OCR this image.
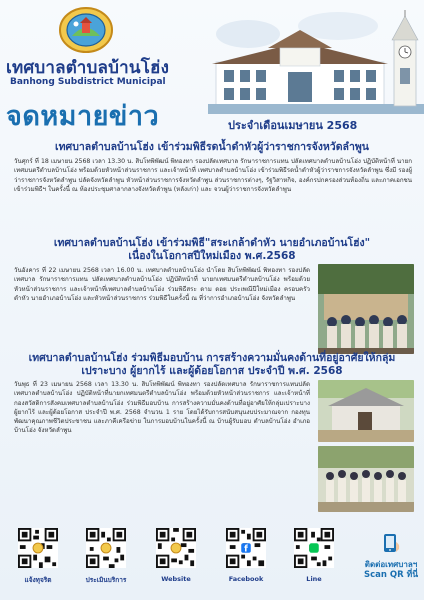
เทศบาลตำบลบ้านโฮ่ง
Banhong Subdistrict Municipal
จดหมายข่าว	ประจำเดือนเมษายน 2568
เทศบาลตำบลบ้านโฮ่ง เข้าร่วมพิธีรดน้ำดำหัวผู้ว่าราชการจังหวัดลำพูน
วันศุกร์ ที่ 18 เมษายน 2568 เวลา 13.30 น. สิบโทพิพัฒน์ พิทองทา รองปลัดเทศบาล รักษาราชการแทน ปลัดเทศบาลตำบลบ้านโฮ่ง ปฏิบัติหน้าที่ นายกเทศมนตรีตำบลบ้านโฮ่ง พร้อมด้วยหัวหน้าส่วนราชการ และเจ้าหน้าที่ เทศบาลตำบลบ้านโฮ่ง เข้าร่วมพิธีรดน้ำดำหัวผู้ว่าราชการจังหวัดลำพูน ซึ่งมี รองผู้ว่าราชการจังหวัดลำพูน ปลัดจังหวัดลำพูน หัวหน้าส่วนราชการจังหวัดลำพูน ส่วนราชการต่างๆ, รัฐวิสาหกิจ, องค์กรปกครองส่วนท้องถิ่น และภาคเอกชน เข้าร่วมพิธีฯ ในครั้งนี้ ณ ห้องประชุมศาลากลางจังหวัดลำพูน (หลังเก่า) และ จวนผู้ว่าราชการจังหวัดลำพูน
เทศบาลตำบลบ้านโฮ่ง เข้าร่วมพิธี"สระเกล้าดำหัว นายอำเภอบ้านโฮ่ง"
เนื่องในโอกาสปีใหม่เมือง พ.ศ.2568
วันอังคาร ที่ 22 เมษายน 2568 เวลา 16.00 น. เทศบาลตำบลบ้านโฮ่ง นำโดย สิบโทพิพัฒน์ พิทองทา รองปลัดเทศบาล รักษาราชการแทน ปลัดเทศบาลตำบลบ้านโฮ่ง ปฏิบัติหน้าที่ นายกเทศมนตรีตำบลบ้านโฮ่ง พร้อมด้วยหัวหน้าส่วนราชการ และเจ้าหน้าที่เทศบาลตำบลบ้านโฮ่ง ร่วมพิธีสระ ดาม ดอย ประเพณีปีใหม่เมือง ครอบครัวดำหัว นายอำเภอบ้านโฮ่ง และหัวหน้าส่วนราชการ ร่วมพิธีในครั้งนี้ ณ ที่ว่าการอำเภอบ้านโฮ่ง จังหวัดลำพูน
เทศบาลตำบลบ้านโฮ่ง ร่วมพิธีมอบบ้าน การสร้างความมั่นคงด้านที่อยู่อาศัยให้กลุ่ม
เปราะบาง ผู้ยากไร้ และผู้ด้อยโอกาส ประจำปี พ.ศ. 2568
วันพุธ ที่ 23 เมษายน 2568 เวลา 13.30 น. สิบโทพิพัฒน์ พิทองทา รองปลัดเทศบาล รักษาราชการแทนปลัดเทศบาลตำบลบ้านโฮ่ง ปฏิบัติหน้าที่นายกเทศมนตรีตำบลบ้านโฮ่ง พร้อมด้วยหัวหน้าส่วนราชการ และเจ้าหน้าที่ กองสวัสดิการสังคมเทศบาลตำบลบ้านโฮ่ง ร่วมพิธีมอบบ้าน การสร้างความมั่นคงด้านที่อยู่อาศัยให้กลุ่มเปราะบาง ผู้ยากไร้ และผู้ด้อยโอกาส ประจำปี พ.ศ. 2568 จำนวน 1 ราย โดยได้รับการสนับสนุนงบประมาณจาก กองทุนพัฒนาคุณภาพชีวิตประชาชน และภาคีเครือข่าย ในการมอบบ้านในครั้งนี้ ณ บ้านผู้รับมอบ ตำบลบ้านโฮ่ง อำเภอบ้านโฮ่ง จังหวัดลำพูน
แจ้งทุจริต	ประเมินบริการ	Website
f
Facebook	Line
ติดต่อเทศบาลฯ
Scan QR ที่นี่
